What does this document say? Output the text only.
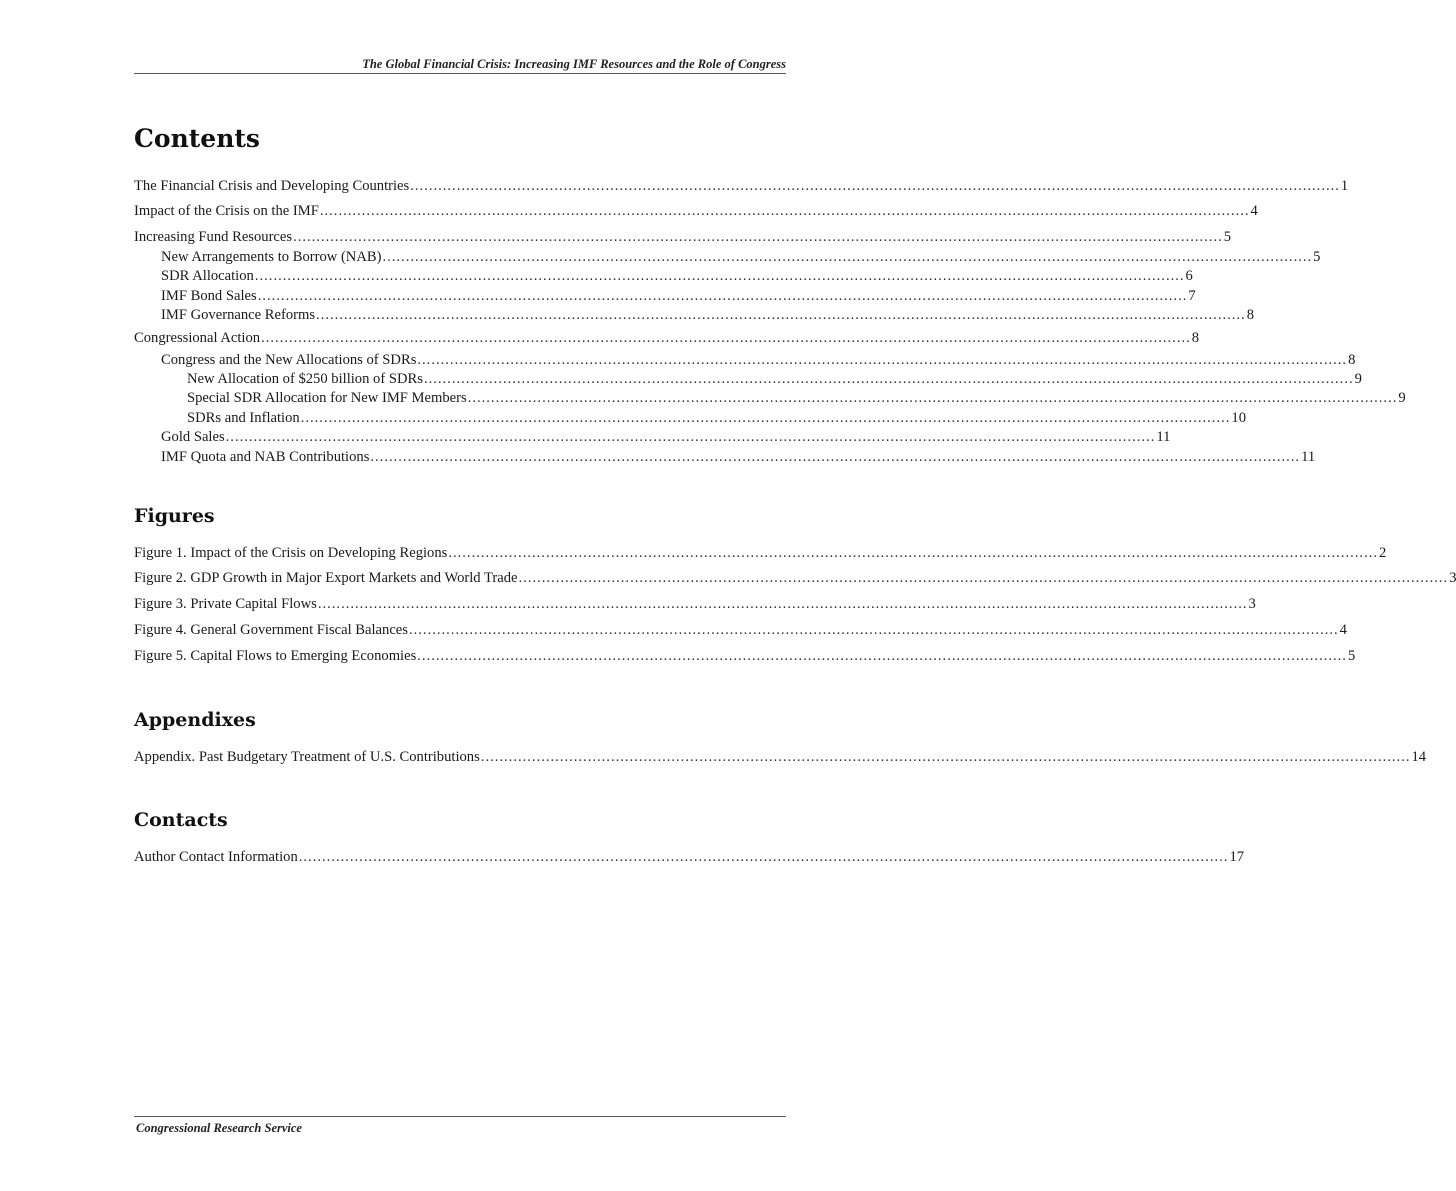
The Global Financial Crisis: Increasing IMF Resources and the Role of Congress
Contents
The Financial Crisis and Developing Countries ........................................................................................................................................................................................................ 1
Impact of the Crisis on the IMF ........................................................................................................................................................................................................ 4
Increasing Fund Resources ........................................................................................................................................................................................................ 5
New Arrangements to Borrow (NAB) ........................................................................................................................................................................................................ 5
SDR Allocation ........................................................................................................................................................................................................ 6
IMF Bond Sales ........................................................................................................................................................................................................ 7
IMF Governance Reforms ........................................................................................................................................................................................................ 8
Congressional Action ........................................................................................................................................................................................................ 8
Congress and the New Allocations of SDRs ........................................................................................................................................................................................................ 8
New Allocation of $250 billion of SDRs ........................................................................................................................................................................................................ 9
Special SDR Allocation for New IMF Members ........................................................................................................................................................................................................ 9
SDRs and Inflation ........................................................................................................................................................................................................ 10
Gold Sales ........................................................................................................................................................................................................ 11
IMF Quota and NAB Contributions ........................................................................................................................................................................................................ 11
Figures
Figure 1. Impact of the Crisis on Developing Regions ........................................................................................................................................................................................................ 2
Figure 2. GDP Growth in Major Export Markets and World Trade ........................................................................................................................................................................................................ 3
Figure 3. Private Capital Flows ........................................................................................................................................................................................................ 3
Figure 4. General Government Fiscal Balances ........................................................................................................................................................................................................ 4
Figure 5. Capital Flows to Emerging Economies ........................................................................................................................................................................................................ 5
Appendixes
Appendix. Past Budgetary Treatment of U.S. Contributions ........................................................................................................................................................................................................ 14
Contacts
Author Contact Information ........................................................................................................................................................................................................ 17
Congressional Research Service
